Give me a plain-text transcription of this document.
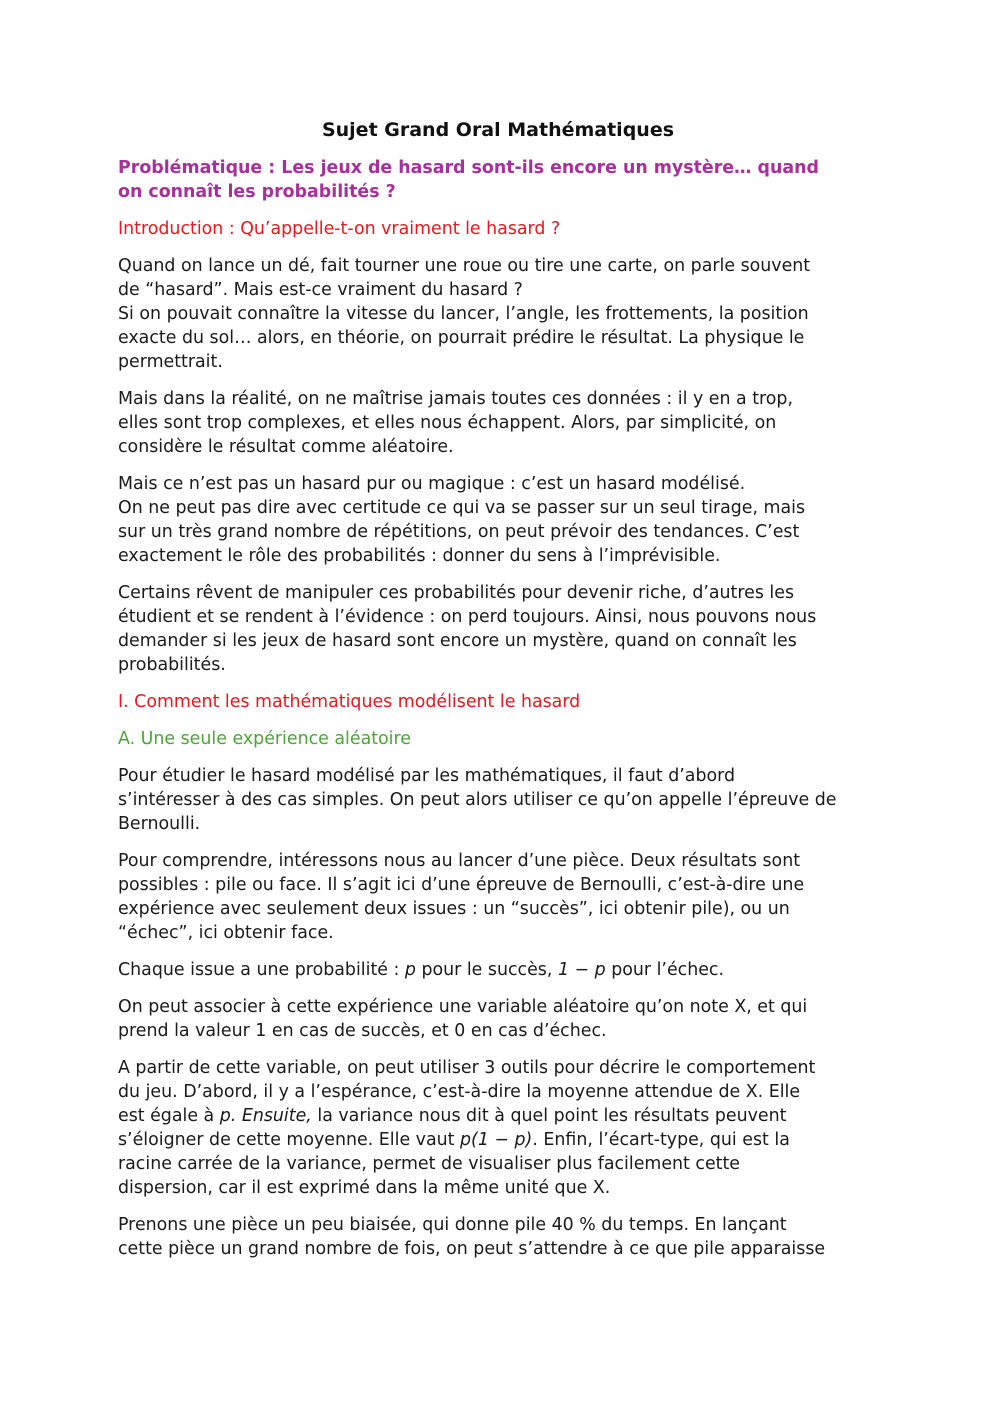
Sujet Grand Oral Mathématiques
Problématique : Les jeux de hasard sont-ils encore un mystère… quand
on connaît les probabilités ?
Introduction : Qu’appelle-t-on vraiment le hasard ?

Quand on lance un dé, fait tourner une roue ou tire une carte, on parle souvent
de “hasard”. Mais est-ce vraiment du hasard ?
Si on pouvait connaître la vitesse du lancer, l’angle, les frottements, la position
exacte du sol… alors, en théorie, on pourrait prédire le résultat. La physique le
permettrait.

Mais dans la réalité, on ne maîtrise jamais toutes ces données : il y en a trop,
elles sont trop complexes, et elles nous échappent. Alors, par simplicité, on
considère le résultat comme aléatoire.

Mais ce n’est pas un hasard pur ou magique : c’est un hasard modélisé.
On ne peut pas dire avec certitude ce qui va se passer sur un seul tirage, mais
sur un très grand nombre de répétitions, on peut prévoir des tendances. C’est
exactement le rôle des probabilités : donner du sens à l’imprévisible.

Certains rêvent de manipuler ces probabilités pour devenir riche, d’autres les
étudient et se rendent à l’évidence : on perd toujours. Ainsi, nous pouvons nous
demander si les jeux de hasard sont encore un mystère, quand on connaît les
probabilités.

I. Comment les mathématiques modélisent le hasard
A. Une seule expérience aléatoire

Pour étudier le hasard modélisé par les mathématiques, il faut d’abord
s’intéresser à des cas simples. On peut alors utiliser ce qu’on appelle l’épreuve de
Bernoulli.

Pour comprendre, intéressons nous au lancer d’une pièce. Deux résultats sont
possibles : pile ou face. Il s’agit ici d’une épreuve de Bernoulli, c’est-à-dire une
expérience avec seulement deux issues : un “succès”, ici obtenir pile), ou un
“échec”, ici obtenir face.

Chaque issue a une probabilité : p pour le succès, 1 − p pour l’échec.

On peut associer à cette expérience une variable aléatoire qu’on note X, et qui
prend la valeur 1 en cas de succès, et 0 en cas d’échec.

A partir de cette variable, on peut utiliser 3 outils pour décrire le comportement
du jeu. D’abord, il y a l’espérance, c’est-à-dire la moyenne attendue de X. Elle
est égale à p. Ensuite, la variance nous dit à quel point les résultats peuvent
s’éloigner de cette moyenne. Elle vaut p(1 − p). Enfin, l’écart-type, qui est la
racine carrée de la variance, permet de visualiser plus facilement cette
dispersion, car il est exprimé dans la même unité que X.

Prenons une pièce un peu biaisée, qui donne pile 40 % du temps. En lançant
cette pièce un grand nombre de fois, on peut s’attendre à ce que pile apparaisse
